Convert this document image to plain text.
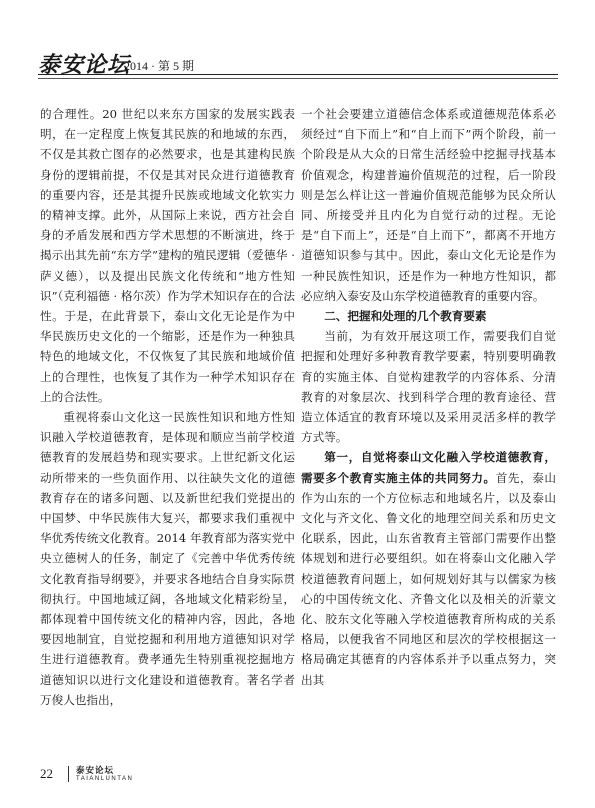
泰安论坛
2014 · 第 5 期

的合理性。20 世纪以来东方国家的发展实践表明，在一定程度上恢复其民族的和地域的东西，不仅是其救亡图存的必然要求，也是其建构民族身份的逻辑前提，不仅是其对民众进行道德教育的重要内容，还是其提升民族或地域文化软实力的精神支撑。此外，从国际上来说，西方社会自身的矛盾发展和西方学术思想的不断演进，终于揭示出其先前“东方学”建构的殖民逻辑（爱德华 · 萨义德），以及提出民族文化传统和“地方性知识”（克利福德 · 格尔茨）作为学术知识存在的合法性。于是，在此背景下，泰山文化无论是作为中华民族历史文化的一个缩影，还是作为一种独具特色的地域文化，不仅恢复了其民族和地域价值上的合理性，也恢复了其作为一种学术知识存在上的合法性。

重视将泰山文化这一民族性知识和地方性知识融入学校道德教育，是体现和顺应当前学校道德教育的发展趋势和现实要求。上世纪新文化运动所带来的一些负面作用、以往缺失文化的道德教育存在的诸多问题、以及新世纪我们党提出的中国梦、中华民族伟大复兴，都要求我们重视中华优秀传统文化教育。2014 年教育部为落实党中央立德树人的任务，制定了《完善中华优秀传统文化教育指导纲要》，并要求各地结合自身实际贯彻执行。中国地域辽阔，各地域文化精彩纷呈，都体现着中国传统文化的精神内容，因此，各地要因地制宜，自觉挖掘和利用地方道德知识对学生进行道德教育。费孝通先生特别重视挖掘地方道德知识以进行文化建设和道德教育。著名学者万俊人也指出，

一个社会要建立道德信念体系或道德规范体系必须经过“自下而上”和“自上而下”两个阶段，前一个阶段是从大众的日常生活经验中挖掘寻找基本价值观念，构建普遍价值规范的过程，后一阶段则是怎么样让这一普遍价值规范能够为民众所认同、所接受并且内化为自觉行动的过程。无论是“自下而上”，还是“自上而下”，都离不开地方道德知识参与其中。因此，泰山文化无论是作为一种民族性知识，还是作为一种地方性知识，都必应纳入泰安及山东学校道德教育的重要内容。

二、把握和处理的几个教育要素

当前，为有效开展这项工作，需要我们自觉把握和处理好多种教育教学要素，特别要明确教育的实施主体、自觉构建教学的内容体系、分清教育的对象层次、找到科学合理的教育途径、营造立体适宜的教育环境以及采用灵活多样的教学方式等。

第一，自觉将泰山文化融入学校道德教育，需要多个教育实施主体的共同努力。首先，泰山作为山东的一个方位标志和地域名片，以及泰山文化与齐文化、鲁文化的地理空间关系和历史文化联系，因此，山东省教育主管部门需要作出整体规划和进行必要组织。如在将泰山文化融入学校道德教育问题上，如何规划好其与以儒家为核心的中国传统文化、齐鲁文化以及相关的沂蒙文化、胶东文化等融入学校道德教育所构成的关系格局，以便我省不同地区和层次的学校根据这一格局确定其德育的内容体系并予以重点努力，突出其

22	泰安论坛
TAIANLUNTAN
